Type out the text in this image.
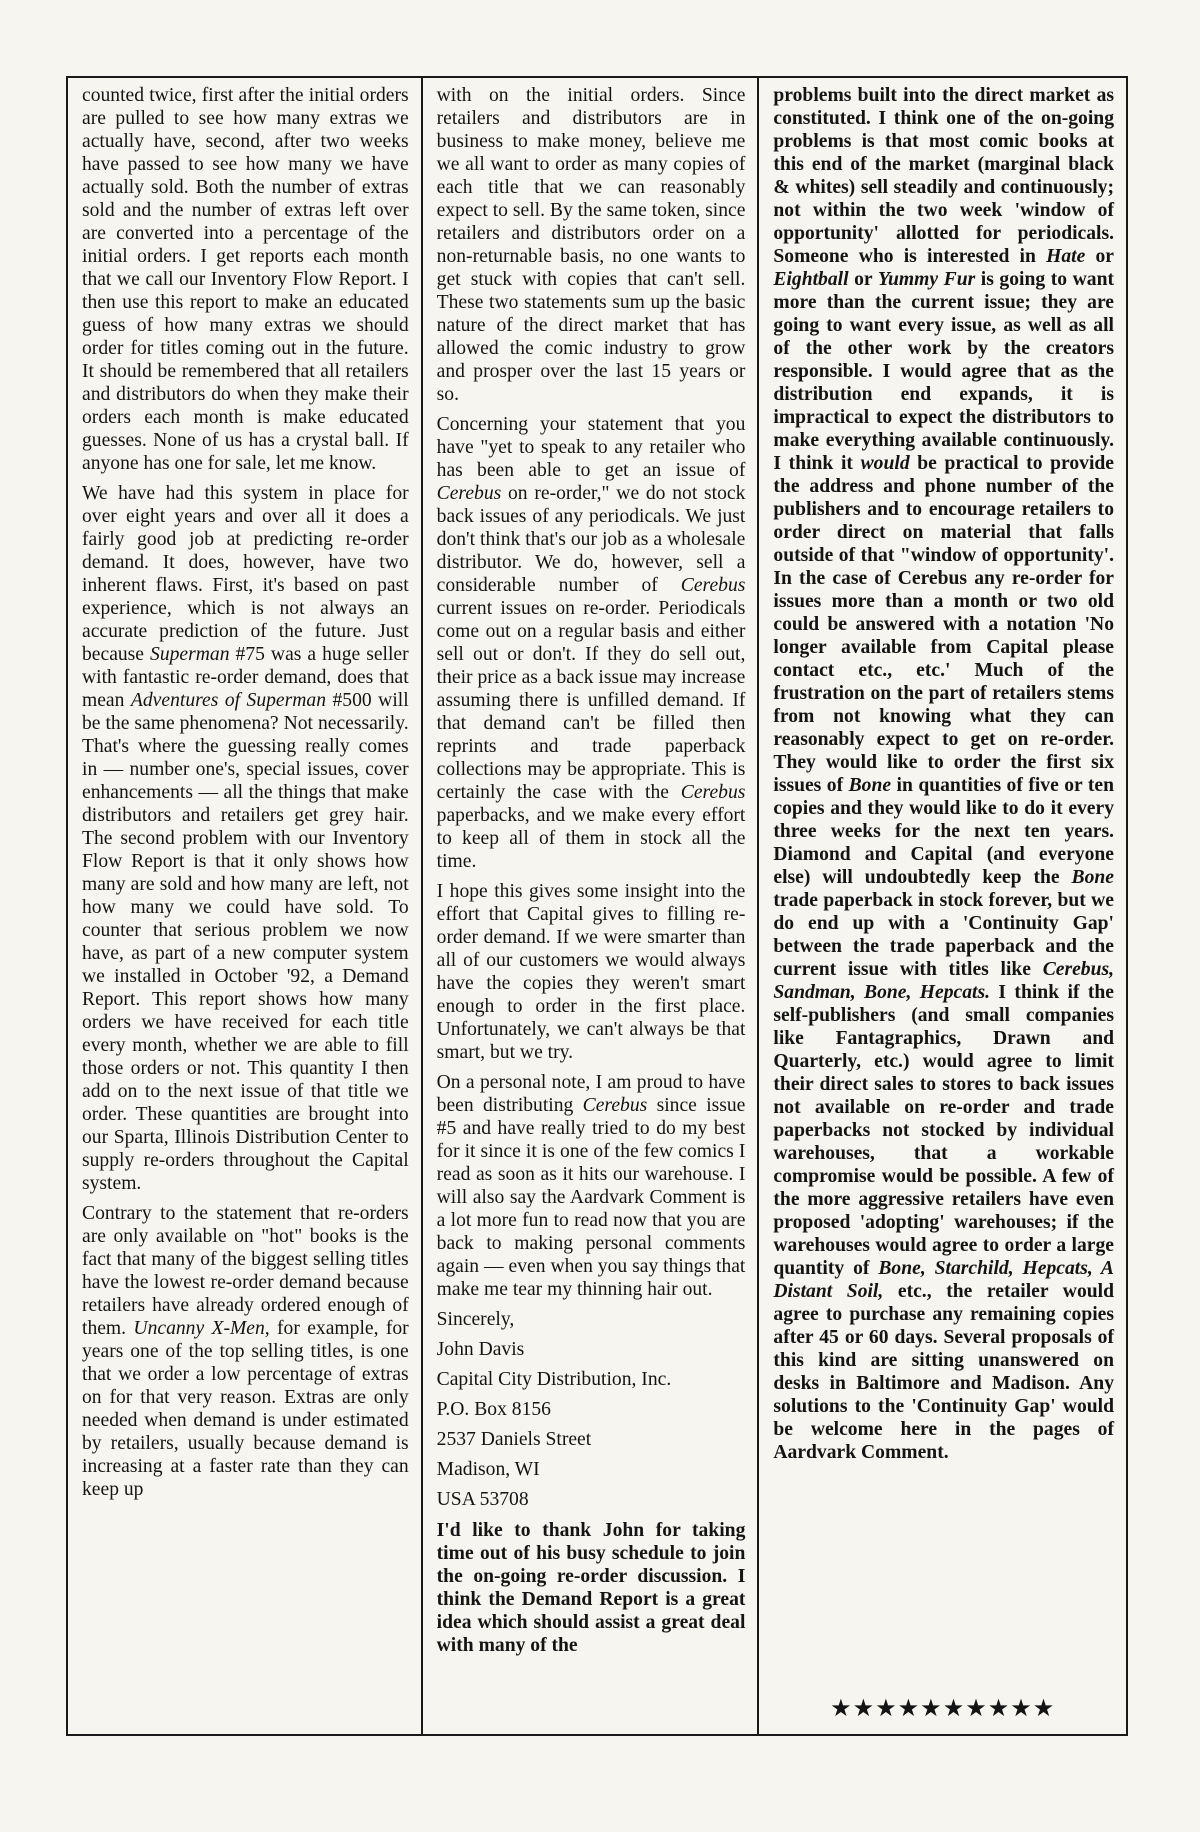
counted twice, first after the initial orders are pulled to see how many extras we actually have, second, after two weeks have passed to see how many we have actually sold. Both the number of extras sold and the number of extras left over are converted into a percentage of the initial orders. I get reports each month that we call our Inventory Flow Report. I then use this report to make an educated guess of how many extras we should order for titles coming out in the future. It should be remembered that all retailers and distributors do when they make their orders each month is make educated guesses. None of us has a crystal ball. If anyone has one for sale, let me know.

We have had this system in place for over eight years and over all it does a fairly good job at predicting re-order demand. It does, however, have two inherent flaws. First, it's based on past experience, which is not always an accurate prediction of the future. Just because Superman #75 was a huge seller with fantastic re-order demand, does that mean Adventures of Superman #500 will be the same phenomena? Not necessarily. That's where the guessing really comes in — number one's, special issues, cover enhancements — all the things that make distributors and retailers get grey hair. The second problem with our Inventory Flow Report is that it only shows how many are sold and how many are left, not how many we could have sold. To counter that serious problem we now have, as part of a new computer system we installed in October '92, a Demand Report. This report shows how many orders we have received for each title every month, whether we are able to fill those orders or not. This quantity I then add on to the next issue of that title we order. These quantities are brought into our Sparta, Illinois Distribution Center to supply re-orders throughout the Capital system.

Contrary to the statement that re-orders are only available on "hot" books is the fact that many of the biggest selling titles have the lowest re-order demand because retailers have already ordered enough of them. Uncanny X-Men, for example, for years one of the top selling titles, is one that we order a low percentage of extras on for that very reason. Extras are only needed when demand is under estimated by retailers, usually because demand is increasing at a faster rate than they can keep up

with on the initial orders. Since retailers and distributors are in business to make money, believe me we all want to order as many copies of each title that we can reasonably expect to sell. By the same token, since retailers and distributors order on a non-returnable basis, no one wants to get stuck with copies that can't sell. These two statements sum up the basic nature of the direct market that has allowed the comic industry to grow and prosper over the last 15 years or so.

Concerning your statement that you have "yet to speak to any retailer who has been able to get an issue of Cerebus on re-order," we do not stock back issues of any periodicals. We just don't think that's our job as a wholesale distributor. We do, however, sell a considerable number of Cerebus current issues on re-order. Periodicals come out on a regular basis and either sell out or don't. If they do sell out, their price as a back issue may increase assuming there is unfilled demand. If that demand can't be filled then reprints and trade paperback collections may be appropriate. This is certainly the case with the Cerebus paperbacks, and we make every effort to keep all of them in stock all the time.

I hope this gives some insight into the effort that Capital gives to filling re-order demand. If we were smarter than all of our customers we would always have the copies they weren't smart enough to order in the first place. Unfortunately, we can't always be that smart, but we try.

On a personal note, I am proud to have been distributing Cerebus since issue #5 and have really tried to do my best for it since it is one of the few comics I read as soon as it hits our warehouse. I will also say the Aardvark Comment is a lot more fun to read now that you are back to making personal comments again — even when you say things that make me tear my thinning hair out.

Sincerely,

John Davis

Capital City Distribution, Inc.

P.O. Box 8156

2537 Daniels Street

Madison, WI

USA 53708

I'd like to thank John for taking time out of his busy schedule to join the on-going re-order discussion. I think the Demand Report is a great idea which should assist a great deal with many of the

problems built into the direct market as constituted. I think one of the on-going problems is that most comic books at this end of the market (marginal black & whites) sell steadily and continuously; not within the two week 'window of opportunity' allotted for periodicals. Someone who is interested in Hate or Eightball or Yummy Fur is going to want more than the current issue; they are going to want every issue, as well as all of the other work by the creators responsible. I would agree that as the distribution end expands, it is impractical to expect the distributors to make everything available continuously. I think it would be practical to provide the address and phone number of the publishers and to encourage retailers to order direct on material that falls outside of that "window of opportunity'. In the case of Cerebus any re-order for issues more than a month or two old could be answered with a notation 'No longer available from Capital please contact etc., etc.' Much of the frustration on the part of retailers stems from not knowing what they can reasonably expect to get on re-order. They would like to order the first six issues of Bone in quantities of five or ten copies and they would like to do it every three weeks for the next ten years. Diamond and Capital (and everyone else) will undoubtedly keep the Bone trade paperback in stock forever, but we do end up with a 'Continuity Gap' between the trade paperback and the current issue with titles like Cerebus, Sandman, Bone, Hepcats. I think if the self-publishers (and small companies like Fantagraphics, Drawn and Quarterly, etc.) would agree to limit their direct sales to stores to back issues not available on re-order and trade paperbacks not stocked by individual warehouses, that a workable compromise would be possible. A few of the more aggressive retailers have even proposed 'adopting' warehouses; if the warehouses would agree to order a large quantity of Bone, Starchild, Hepcats, A Distant Soil, etc., the retailer would agree to purchase any remaining copies after 45 or 60 days. Several proposals of this kind are sitting unanswered on desks in Baltimore and Madison. Any solutions to the 'Continuity Gap' would be welcome here in the pages of Aardvark Comment.

★★★★★★★★★★
